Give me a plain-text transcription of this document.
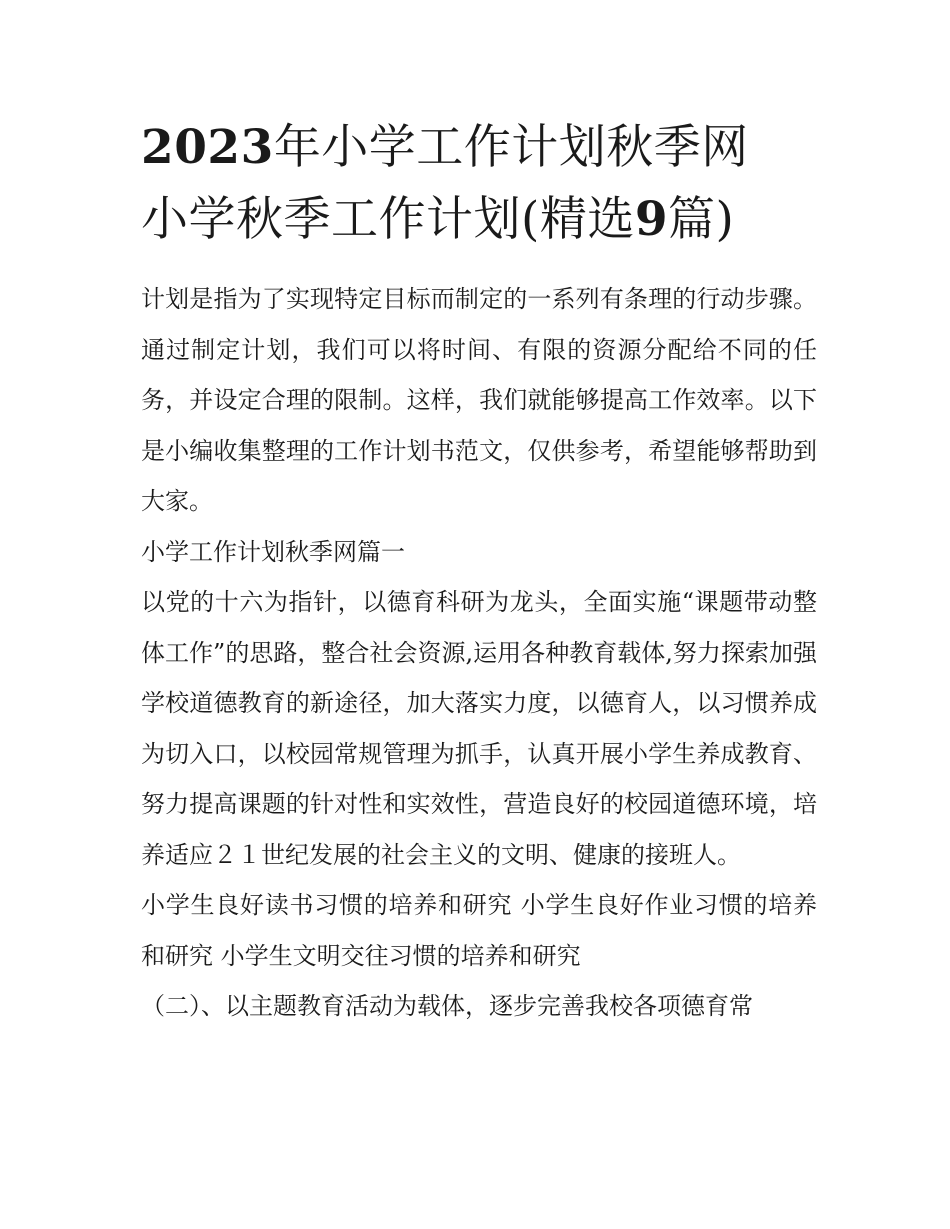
2023年小学工作计划秋季网
小学秋季工作计划(精选9篇)

计划是指为了实现特定目标而制定的一系列有条理的行动步骤。通过制定计划，我们可以将时间、有限的资源分配给不同的任务，并设定合理的限制。这样，我们就能够提高工作效率。以下是小编收集整理的工作计划书范文，仅供参考，希望能够帮助到大家。

小学工作计划秋季网篇一

以党的十六为指针，以德育科研为龙头，全面实施“课题带动整体工作”的思路，整合社会资源,运用各种教育载体,努力探索加强学校道德教育的新途径，加大落实力度，以德育人，以习惯养成为切入口，以校园常规管理为抓手，认真开展小学生养成教育、努力提高课题的针对性和实效性，营造良好的校园道德环境，培养适应２１世纪发展的社会主义的文明、健康的接班人。

小学生良好读书习惯的培养和研究 小学生良好作业习惯的培养和研究 小学生文明交往习惯的培养和研究

（二）、以主题教育活动为载体，逐步完善我校各项德育常
